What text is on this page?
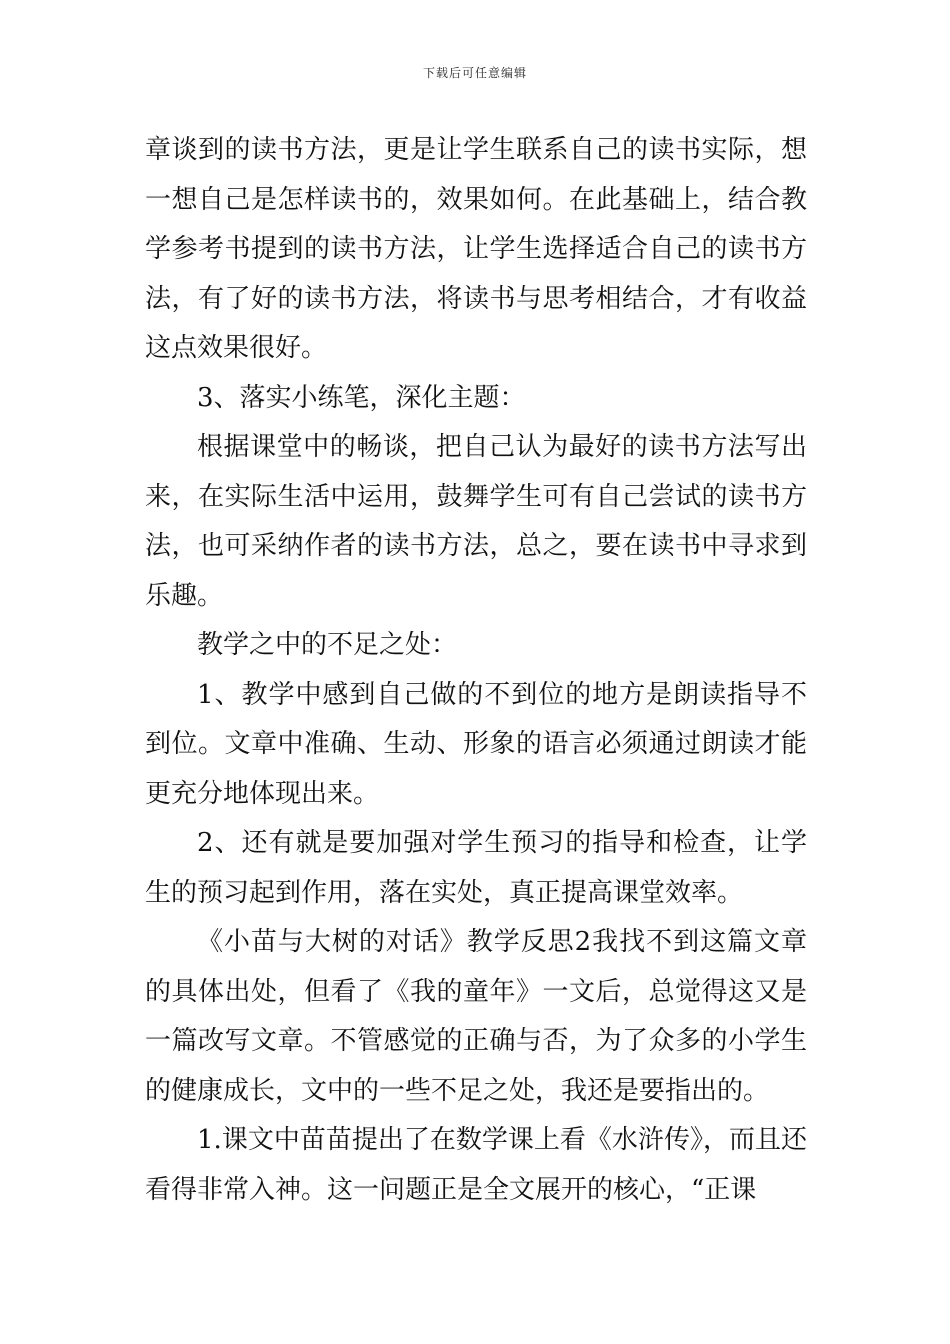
下载后可任意编辑

章谈到的读书方法，更是让学生联系自己的读书实际，想一想自己是怎样读书的，效果如何。在此基础上，结合教学参考书提到的读书方法，让学生选择适合自己的读书方法，有了好的读书方法，将读书与思考相结合，才有收益这点效果很好。

3、落实小练笔，深化主题：

根据课堂中的畅谈，把自己认为最好的读书方法写出来，在实际生活中运用，鼓舞学生可有自己尝试的读书方法，也可采纳作者的读书方法，总之，要在读书中寻求到乐趣。

教学之中的不足之处：

1、教学中感到自己做的不到位的地方是朗读指导不到位。文章中准确、生动、形象的语言必须通过朗读才能更充分地体现出来。

2、还有就是要加强对学生预习的指导和检查，让学生的预习起到作用，落在实处，真正提高课堂效率。

《小苗与大树的对话》教学反思2我找不到这篇文章的具体出处，但看了《我的童年》一文后，总觉得这又是一篇改写文章。不管感觉的正确与否，为了众多的小学生的健康成长，文中的一些不足之处，我还是要指出的。

1.课文中苗苗提出了在数学课上看《水浒传》，而且还看得非常入神。这一问题正是全文展开的核心，“正课
